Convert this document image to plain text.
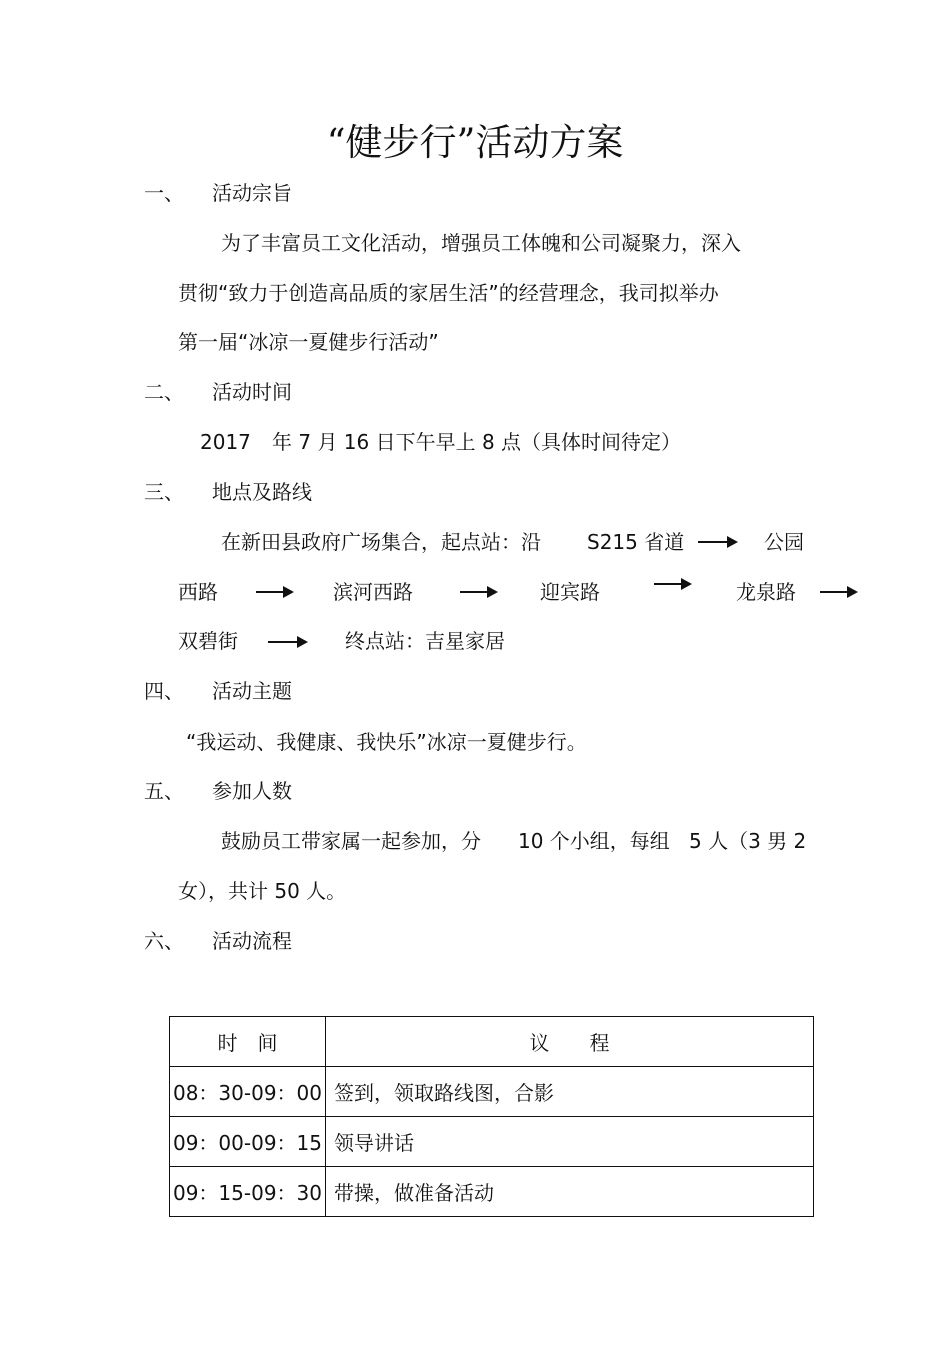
“健步行”活动方案
一、 活动宗旨
为了丰富员工文化活动，增强员工体魄和公司凝聚力，深入
贯彻“致力于创造高品质的家居生活”的经营理念，我司拟举办
第一届“冰凉一夏健步行活动”
二、 活动时间
2017 年 7 月 16 日下午早上 8 点（具体时间待定）
三、 地点及路线
在新田县政府广场集合，起点站：沿 S215 省道	公园
西路	滨河西路	迎宾路	龙泉路
双碧街	终点站：吉星家居
四、 活动主题
“我运动、我健康、我快乐”冰凉一夏健步行。
五、 参加人数
鼓励员工带家属一起参加，分 10 个小组，每组 5 人（3 男 2
女），共计 50 人。
六、 活动流程
时　间	议　　程
08：30-09：00	签到，领取路线图，合影
09：00-09：15	领导讲话
09：15-09：30	带操，做准备活动
